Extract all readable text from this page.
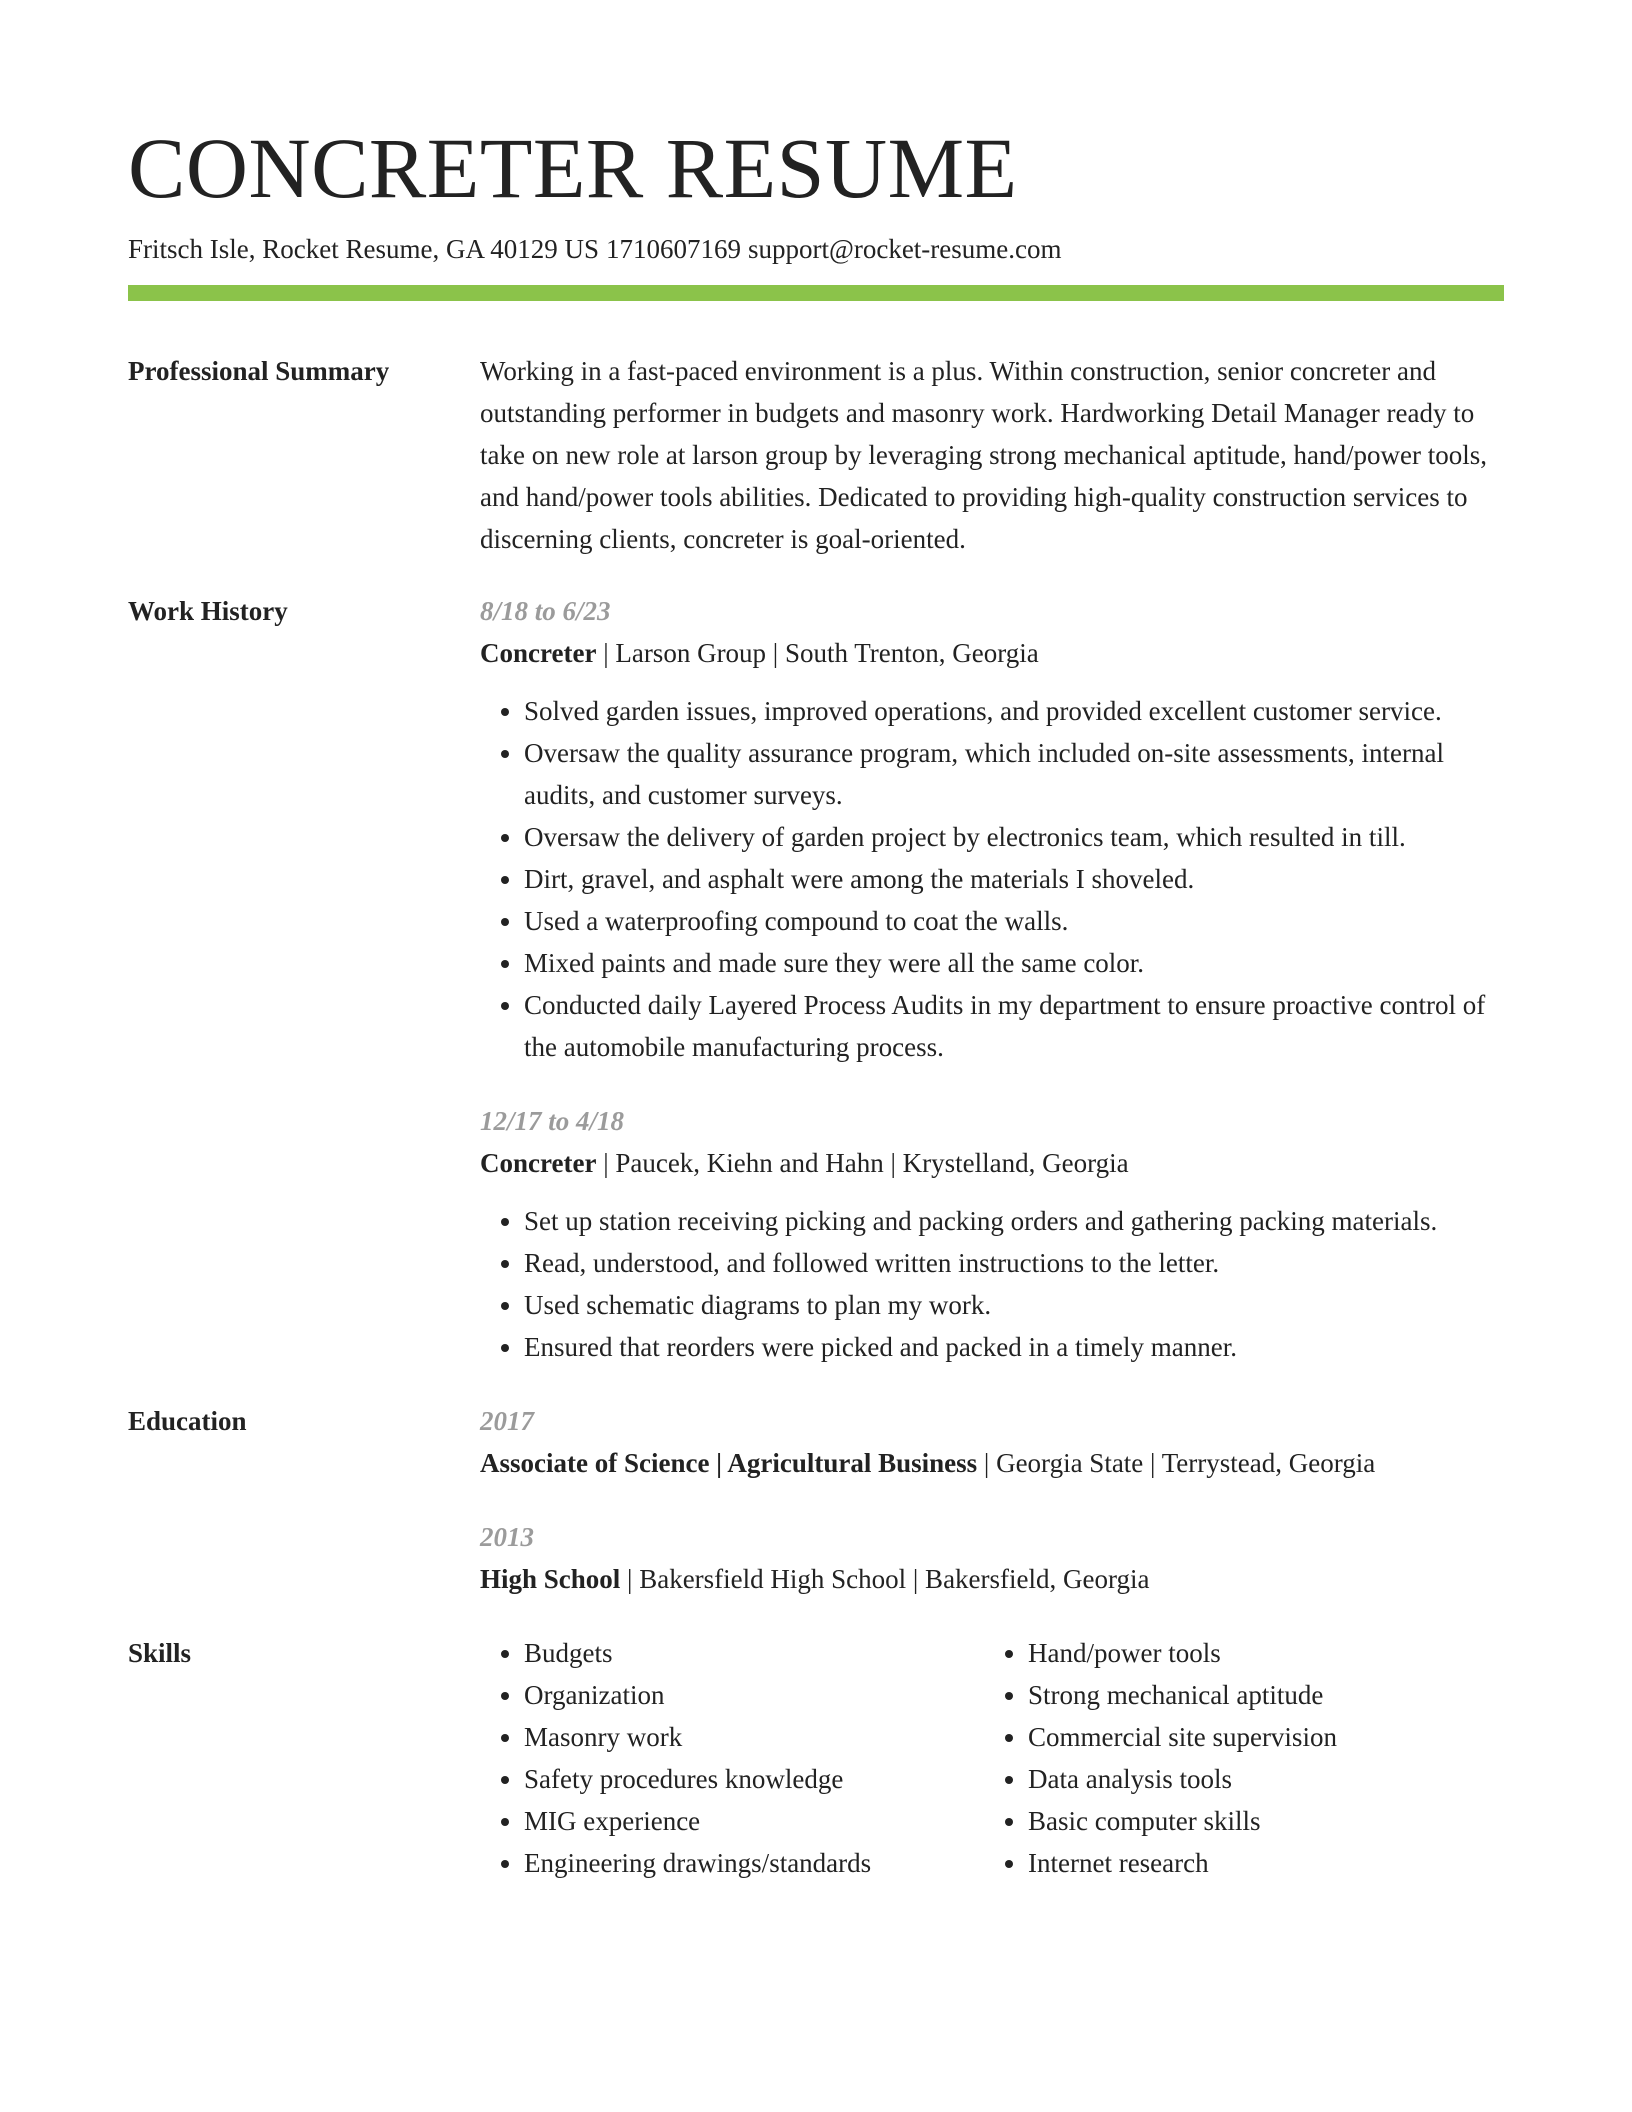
CONCRETER RESUME
Fritsch Isle, Rocket Resume, GA 40129 US 1710607169 support@rocket-resume.com
Professional Summary	Working in a fast-paced environment is a plus. Within construction, senior concreter and outstanding performer in budgets and masonry work. Hardworking Detail Manager ready to take on new role at larson group by leveraging strong mechanical aptitude, hand/power tools, and hand/power tools abilities. Dedicated to providing high-quality construction services to discerning clients, concreter is goal-oriented.

Work History	8/18 to 6/23
Concreter | Larson Group | South Trenton, Georgia
• Solved garden issues, improved operations, and provided excellent customer service.
• Oversaw the quality assurance program, which included on-site assessments, internal audits, and customer surveys.
• Oversaw the delivery of garden project by electronics team, which resulted in till.
• Dirt, gravel, and asphalt were among the materials I shoveled.
• Used a waterproofing compound to coat the walls.
• Mixed paints and made sure they were all the same color.
• Conducted daily Layered Process Audits in my department to ensure proactive control of the automobile manufacturing process.
12/17 to 4/18
Concreter | Paucek, Kiehn and Hahn | Krystelland, Georgia
• Set up station receiving picking and packing orders and gathering packing materials.
• Read, understood, and followed written instructions to the letter.
• Used schematic diagrams to plan my work.
• Ensured that reorders were picked and packed in a timely manner.
Education	2017
Associate of Science | Agricultural Business | Georgia State | Terrystead, Georgia
2013
High School | Bakersfield High School | Bakersfield, Georgia
Skills
•	Budgets
• Organization
• Masonry work
• Safety procedures knowledge
• MIG experience
• Engineering drawings/standards
• Hand/power tools
• Strong mechanical aptitude
• Commercial site supervision
• Data analysis tools
• Basic computer skills
• Internet research
